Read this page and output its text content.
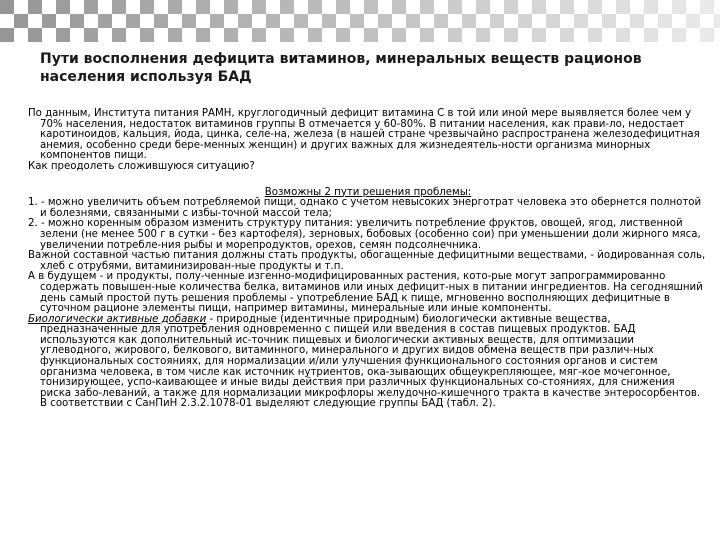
Пути восполнения дефицита витаминов, минеральных веществ рационов
населения используя БАД

По данным, Института питания РАМН, круглогодичный дефицит витамина С в той или иной мере выявляется более чем у 70% населения, недостаток витаминов группы В отмечается у 60-80%. В питании населения, как прави-ло, недостает каротиноидов, кальция, йода, цинка, селе-на, железа (в нашей стране чрезвычайно распространена железодефицитная анемия, особенно среди бере-менных женщин) и других важных для жизнедеятель-ности организма минорных компонентов пищи.

Как преодолеть сложившуюся ситуацию?

Возможны 2 пути решения проблемы:

1. - можно увеличить объем потребляемой пищи, однако с учетом невысоких энерготрат человека это обернется полнотой и болезнями, связанными с избы-точной массой тела;

2. - можно коренным образом изменить структуру питания: увеличить потребление фруктов, овощей, ягод, лиственной зелени (не менее 500 г в сутки - без картофеля), зерновых, бобовых (особенно сои) при уменьшении доли жирного мяса, увеличении потребле-ния рыбы и морепродуктов, орехов, семян подсолнечника.

Важной составной частью питания должны стать продукты, обогащенные дефицитными веществами, - йодированная соль, хлеб с отрубями, витаминизирован-ные продукты и т.п.

А в будущем - и продукты, полу-ченные изгенно-модифицированных растения, кото-рые могут запрограммированно содержать повышен-ные количества белка, витаминов или иных дефицит-ных в питании ингредиентов. На сегодняшний день самый простой путь решения проблемы - употребление БАД к пище, мгновенно восполняющих дефицитные в суточном рационе элементы пищи, например витамины, минеральные или иные компоненты.

Биологически активные добавки - природные (идентичные природным) биологически активные вещества, предназначенные для употребления одновременно с пищей или введения в состав пищевых продуктов. БАД используются как дополнительный ис-точник пищевых и биологически активных веществ, для оптимизации углеводного, жирового, белкового, витаминного, минерального и других видов обмена веществ при различ-ных функциональных состояниях, для нормализации и/или улучшения функционального состояния органов и систем организма человека, в том числе как источник нутриентов, ока-зывающих общеукрепляющее, мяг-кое мочегонное, тонизирующее, успо-каивающее и иные виды действия при различных функциональных со-стояниях, для снижения риска забо-леваний, а также для нормализации микрофлоры желудочно-кишечного тракта в качестве энтеросорбентов. В соответствии с СанПиН 2.3.2.1078-01 выделяют следующие группы БАД (табл. 2).
